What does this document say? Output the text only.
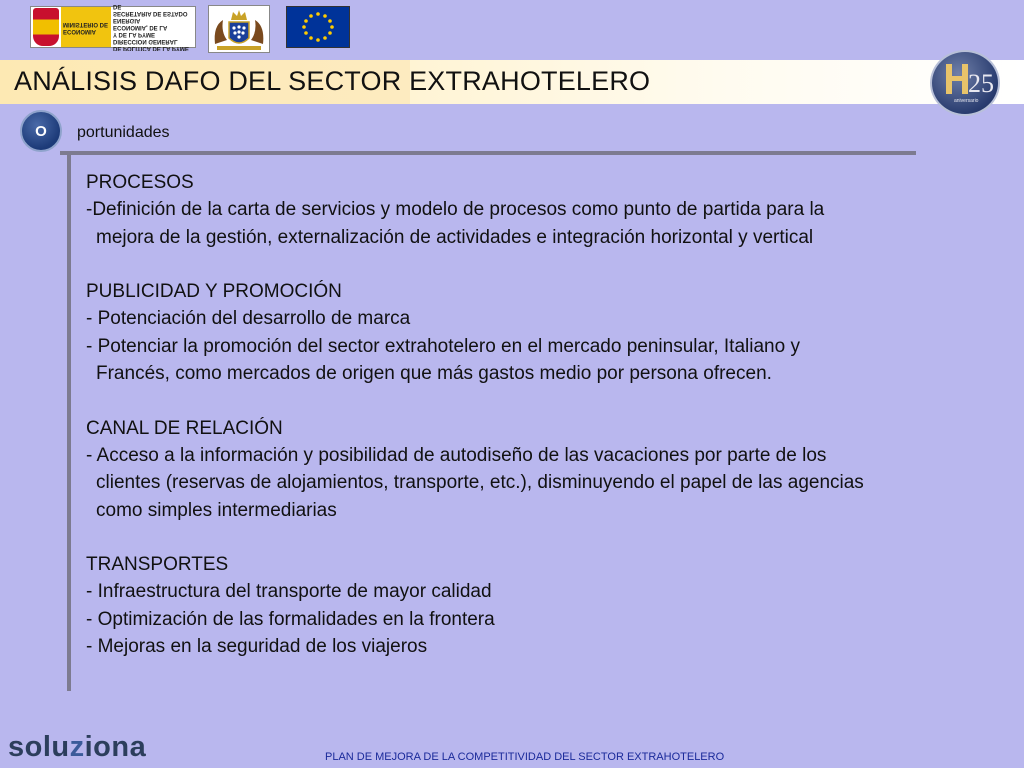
ECONOMIA
MINISTERIO DE
DE POLITICA DE LA PYME
DIRECCION GENERAL
Y DE LA PYME
ECONOMIA, DE LA ENERGIA
SECRETARIA DE ESTADO DE
ANÁLISIS DAFO DEL SECTOR EXTRAHOTELERO	25
aniversario
O	portunidades
PROCESOS
-Definición de la carta de servicios y modelo de procesos como punto de partida para la
mejora de la gestión, externalización de actividades e integración horizontal y vertical
PUBLICIDAD Y PROMOCIÓN
- Potenciación del desarrollo de marca
- Potenciar la promoción del sector extrahotelero en el mercado peninsular, Italiano y
Francés, como mercados de origen que más gastos medio por persona ofrecen.
CANAL DE RELACIÓN
- Acceso a la información y posibilidad de autodiseño de las vacaciones por parte de los
clientes (reservas de alojamientos, transporte, etc.), disminuyendo el papel de las agencias
como simples intermediarias
TRANSPORTES
- Infraestructura del transporte de mayor calidad
- Optimización de las formalidades en la frontera
- Mejoras en la seguridad de los viajeros
soluziona	PLAN DE MEJORA DE LA COMPETITIVIDAD DEL SECTOR EXTRAHOTELERO
